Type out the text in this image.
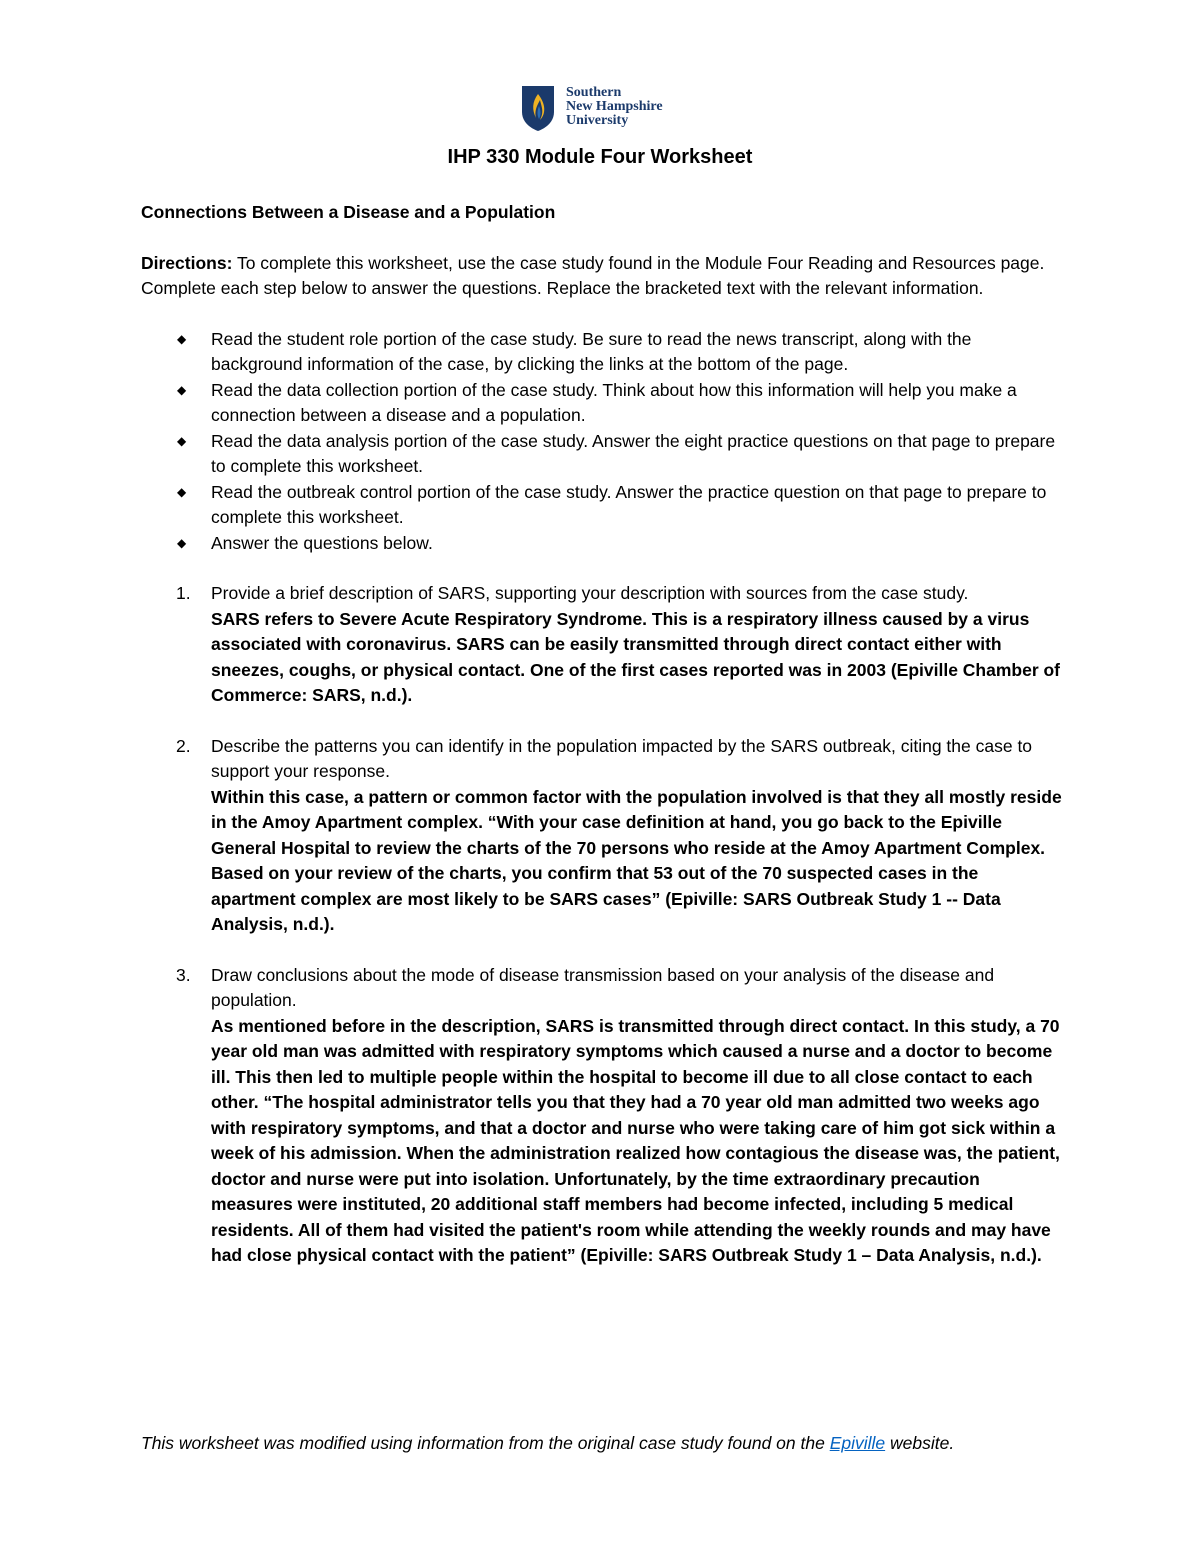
Southern
New Hampshire
University
IHP 330 Module Four Worksheet

Connections Between a Disease and a Population

Directions: To complete this worksheet, use the case study found in the Module Four Reading and Resources page. Complete each step below to answer the questions. Replace the bracketed text with the relevant information.

◆ Read the student role portion of the case study. Be sure to read the news transcript, along with the background information of the case, by clicking the links at the bottom of the page.
◆ Read the data collection portion of the case study. Think about how this information will help you make a connection between a disease and a population.
◆ Read the data analysis portion of the case study. Answer the eight practice questions on that page to prepare to complete this worksheet.
◆ Read the outbreak control portion of the case study. Answer the practice question on that page to prepare to complete this worksheet.
◆ Answer the questions below.
1. Provide a brief description of SARS, supporting your description with sources from the case study.
SARS refers to Severe Acute Respiratory Syndrome. This is a respiratory illness caused by a virus associated with coronavirus. SARS can be easily transmitted through direct contact either with sneezes, coughs, or physical contact. One of the first cases reported was in 2003 (Epiville Chamber of Commerce: SARS, n.d.).
2. Describe the patterns you can identify in the population impacted by the SARS outbreak, citing the case to support your response.
Within this case, a pattern or common factor with the population involved is that they all mostly reside in the Amoy Apartment complex. “With your case definition at hand, you go back to the Epiville General Hospital to review the charts of the 70 persons who reside at the Amoy Apartment Complex. Based on your review of the charts, you confirm that 53 out of the 70 suspected cases in the apartment complex are most likely to be SARS cases” (Epiville: SARS Outbreak Study 1 -- Data Analysis, n.d.).
3. Draw conclusions about the mode of disease transmission based on your analysis of the disease and population.
As mentioned before in the description, SARS is transmitted through direct contact. In this study, a 70 year old man was admitted with respiratory symptoms which caused a nurse and a doctor to become ill. This then led to multiple people within the hospital to become ill due to all close contact to each other. “The hospital administrator tells you that they had a 70 year old man admitted two weeks ago with respiratory symptoms, and that a doctor and nurse who were taking care of him got sick within a week of his admission. When the administration realized how contagious the disease was, the patient, doctor and nurse were put into isolation. Unfortunately, by the time extraordinary precaution measures were instituted, 20 additional staff members had become infected, including 5 medical residents. All of them had visited the patient's room while attending the weekly rounds and may have had close physical contact with the patient” (Epiville: SARS Outbreak Study 1 – Data Analysis, n.d.).
This worksheet was modified using information from the original case study found on the Epiville website.
